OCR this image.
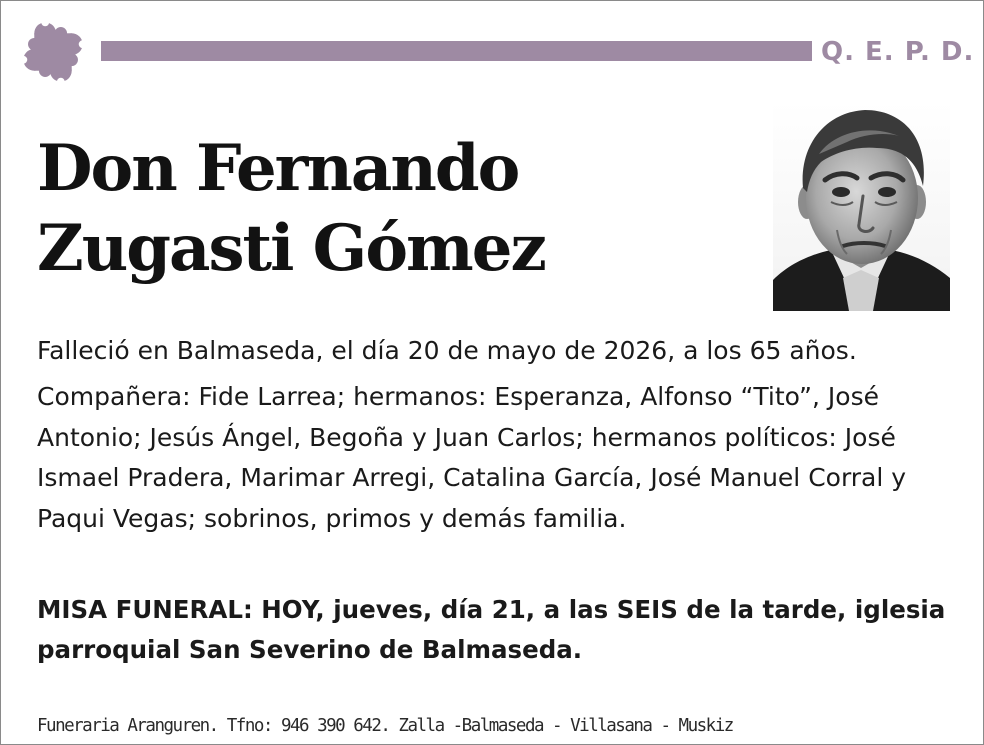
Q. E. P. D.
Don Fernando
Zugasti Gómez

Falleció en Balmaseda, el día 20 de mayo de 2026, a los 65 años.

Compañera: Fide Larrea; hermanos: Esperanza, Alfonso “Tito”, José Antonio; Jesús Ángel, Begoña y Juan Carlos; hermanos políticos: José Ismael Pradera, Marimar Arregi, Catalina García, José Manuel Corral y Paqui Vegas; sobrinos, primos y demás familia.

MISA FUNERAL: HOY, jueves, día 21, a las SEIS de la tarde, iglesia parroquial San Severino de Balmaseda.

Funeraria Aranguren. Tfno: 946 390 642. Zalla -Balmaseda - Villasana - Muskiz
